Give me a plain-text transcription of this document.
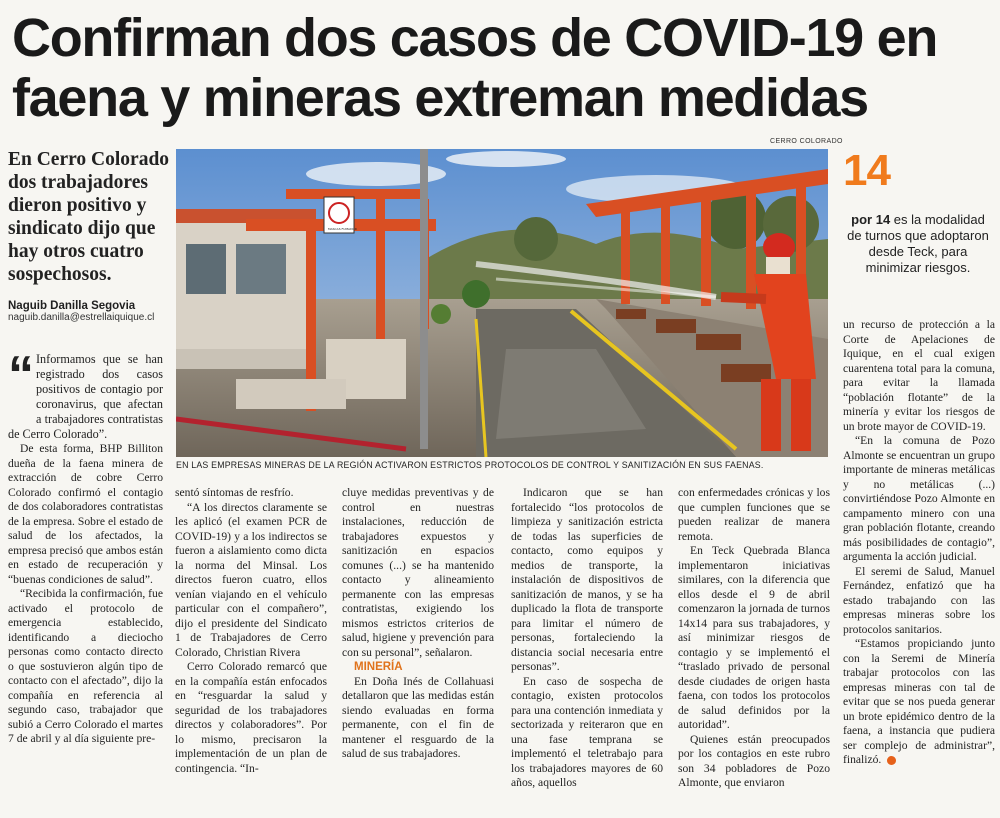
Confirman dos casos de COVID-19 en faena y mineras extreman medidas
En Cerro Colorado dos trabajadores dieron positivo y sindicato dijo que hay otros cuatro sospechosos.
Naguib Danilla Segovia
naguib.danilla@estrellaiquique.cl
CERRO COLORADO
MASCAS FUMADOR
EN LAS EMPRESAS MINERAS DE LA REGIÓN ACTIVARON ESTRICTOS PROTOCOLOS DE CONTROL Y SANITIZACIÓN EN SUS FAENAS.
14
por 14 es la modalidad de turnos que adoptaron desde Teck, para minimizar riesgos.

“ Informamos que se han registrado dos casos positivos de contagio por coronavirus, que afectan a trabajadores contratistas de Cerro Colorado”.

De esta forma, BHP Billiton dueña de la faena minera de extracción de cobre Cerro Colorado confirmó el contagio de dos colaboradores contratistas de la empresa. Sobre el estado de salud de los afectados, la empresa precisó que ambos están en estado de recuperación y “buenas condiciones de salud”.

“Recibida la confirmación, fue activado el protocolo de emergencia establecido, identificando a dieciocho personas como contacto directo o que sostuvieron algún tipo de contacto con el afectado”, dijo la compañía en referencia al segundo caso, trabajador que subió a Cerro Colorado el martes 7 de abril y al día siguiente pre-

sentó síntomas de resfrío.

“A los directos claramente se les aplicó (el examen PCR de COVID-19) y a los indirectos se fueron a aislamiento como dicta la norma del Minsal. Los directos fueron cuatro, ellos venían viajando en el vehículo particular con el compañero”, dijo el presidente del Sindicato 1 de Trabajadores de Cerro Colorado, Christian Rivera

Cerro Colorado remarcó que en la compañía están enfocados en “resguardar la salud y seguridad de los trabajadores directos y colaboradores”. Por lo mismo, precisaron la implementación de un plan de contingencia. “In-

cluye medidas preventivas y de control en nuestras instalaciones, reducción de trabajadores expuestos y sanitización en espacios comunes (...) se ha mantenido contacto y alineamiento permanente con las empresas contratistas, exigiendo los mismos estrictos criterios de salud, higiene y prevención para con su personal”, señalaron.

MINERÍA

En Doña Inés de Collahuasi detallaron que las medidas están siendo evaluadas en forma permanente, con el fin de mantener el resguardo de la salud de sus trabajadores.

Indicaron que se han fortalecido “los protocolos de limpieza y sanitización estricta de todas las superficies de contacto, como equipos y medios de transporte, la instalación de dispositivos de sanitización de manos, y se ha duplicado la flota de transporte para limitar el número de personas, fortaleciendo la distancia social necesaria entre personas”.

En caso de sospecha de contagio, existen protocolos para una contención inmediata y sectorizada y reiteraron que en una fase temprana se implementó el teletrabajo para los trabajadores mayores de 60 años, aquellos

con enfermedades crónicas y los que cumplen funciones que se pueden realizar de manera remota.

En Teck Quebrada Blanca implementaron iniciativas similares, con la diferencia que ellos desde el 9 de abril comenzaron la jornada de turnos 14x14 para sus trabajadores, y así minimizar riesgos de contagio y se implementó el “traslado privado de personal desde ciudades de origen hasta faena, con todos los protocolos de salud definidos por la autoridad”.

Quienes están preocupados por los contagios en este rubro son 34 pobladores de Pozo Almonte, que enviaron

un recurso de protección a la Corte de Apelaciones de Iquique, en el cual exigen cuarentena total para la comuna, para evitar la llamada “población flotante” de la minería y evitar los riesgos de un brote mayor de COVID-19.

“En la comuna de Pozo Almonte se encuentran un grupo importante de mineras metálicas y no metálicas (...) convirtiéndose Pozo Almonte en campamento minero con una gran población flotante, creando más posibilidades de contagio”, argumenta la acción judicial.

El seremi de Salud, Manuel Fernández, enfatizó que ha estado trabajando con las empresas mineras sobre los protocolos sanitarios.

“Estamos propiciando junto con la Seremi de Minería trabajar protocolos con las empresas mineras con tal de evitar que se nos pueda generar un brote epidémico dentro de la faena, a instancia que pudiera ser complejo de administrar”, finalizó.
